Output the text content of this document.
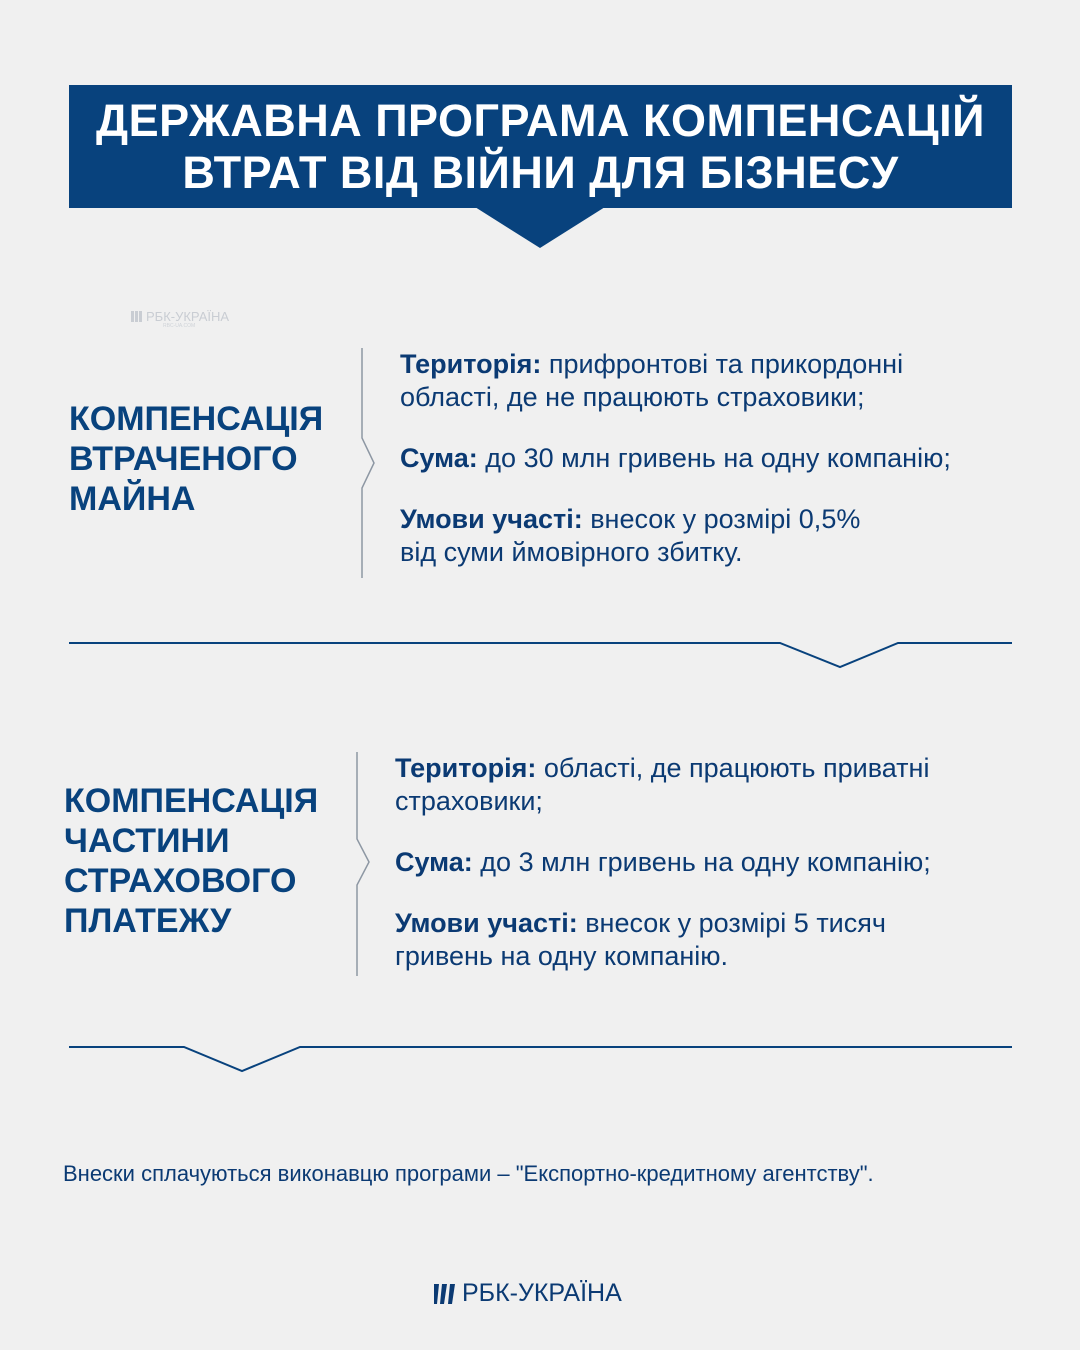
ДЕРЖАВНА ПРОГРАМА КОМПЕНСАЦІЙ
ВТРАТ ВІД ВІЙНИ ДЛЯ БІЗНЕСУ
РБК-УКРАЇНА
RBC-UA.COM
КОМПЕНСАЦІЯ
ВТРАЧЕНОГО
МАЙНА

Територія: прифронтові та прикордонні
області, де не працюють страховики;

Сума: до 30 млн гривень на одну компанію;

Умови участі: внесок у розмірі 0,5%
від суми ймовірного збитку.

КОМПЕНСАЦІЯ
ЧАСТИНИ
СТРАХОВОГО
ПЛАТЕЖУ

Територія: області, де працюють приватні
страховики;

Сума: до 3 млн гривень на одну компанію;

Умови участі: внесок у розмірі 5 тисяч
гривень на одну компанію.

Внески сплачуються виконавцю програми – "Експортно-кредитному агентству".
РБК-УКРАЇНА
